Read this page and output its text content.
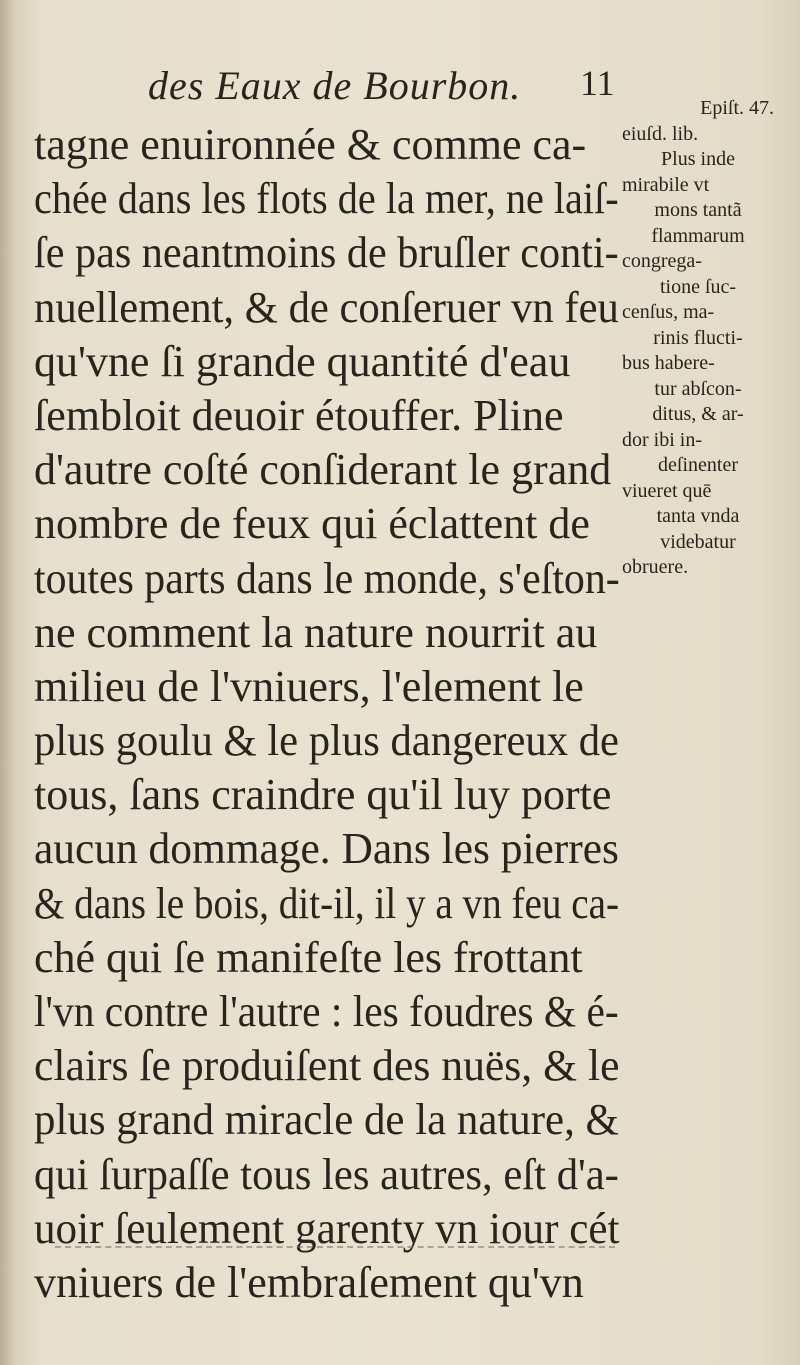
des Eaux de Bourbon. 11
tagne enuironnée & comme ca-
chée dans les flots de la mer, ne laiſ-
ſe pas neantmoins de bruſler conti-
nuellement, & de conſeruer vn feu
qu'vne ſi grande quantité d'eau
ſembloit deuoir étouffer. Pline
d'autre coſté conſiderant le grand
nombre de feux qui éclattent de
toutes parts dans le monde, s'eſton-
ne comment la nature nourrit au
milieu de l'vniuers, l'element le
plus goulu & le plus dangereux de
tous, ſans craindre qu'il luy porte
aucun dommage. Dans les pierres
& dans le bois, dit-il, il y a vn feu ca-
ché qui ſe manifeſte les frottant
l'vn contre l'autre : les foudres & é-
clairs ſe produiſent des nuës, & le
plus grand miracle de la nature, &
qui ſurpaſſe tous les autres, eſt d'a-
uoir ſeulement garenty vn iour cét
vniuers de l'embraſement qu'vn
Epiſt. 47.
eiuſd. lib.
Plus inde
mirabile vt
mons tantã
flammarum
congrega-
tione ſuc-
cenſus, ma-
rinis flucti-
bus habere-
tur abſcon-
ditus, & ar-
dor ibi in-
deſinenter
viueret quē
tanta vnda
videbatur
obruere.
